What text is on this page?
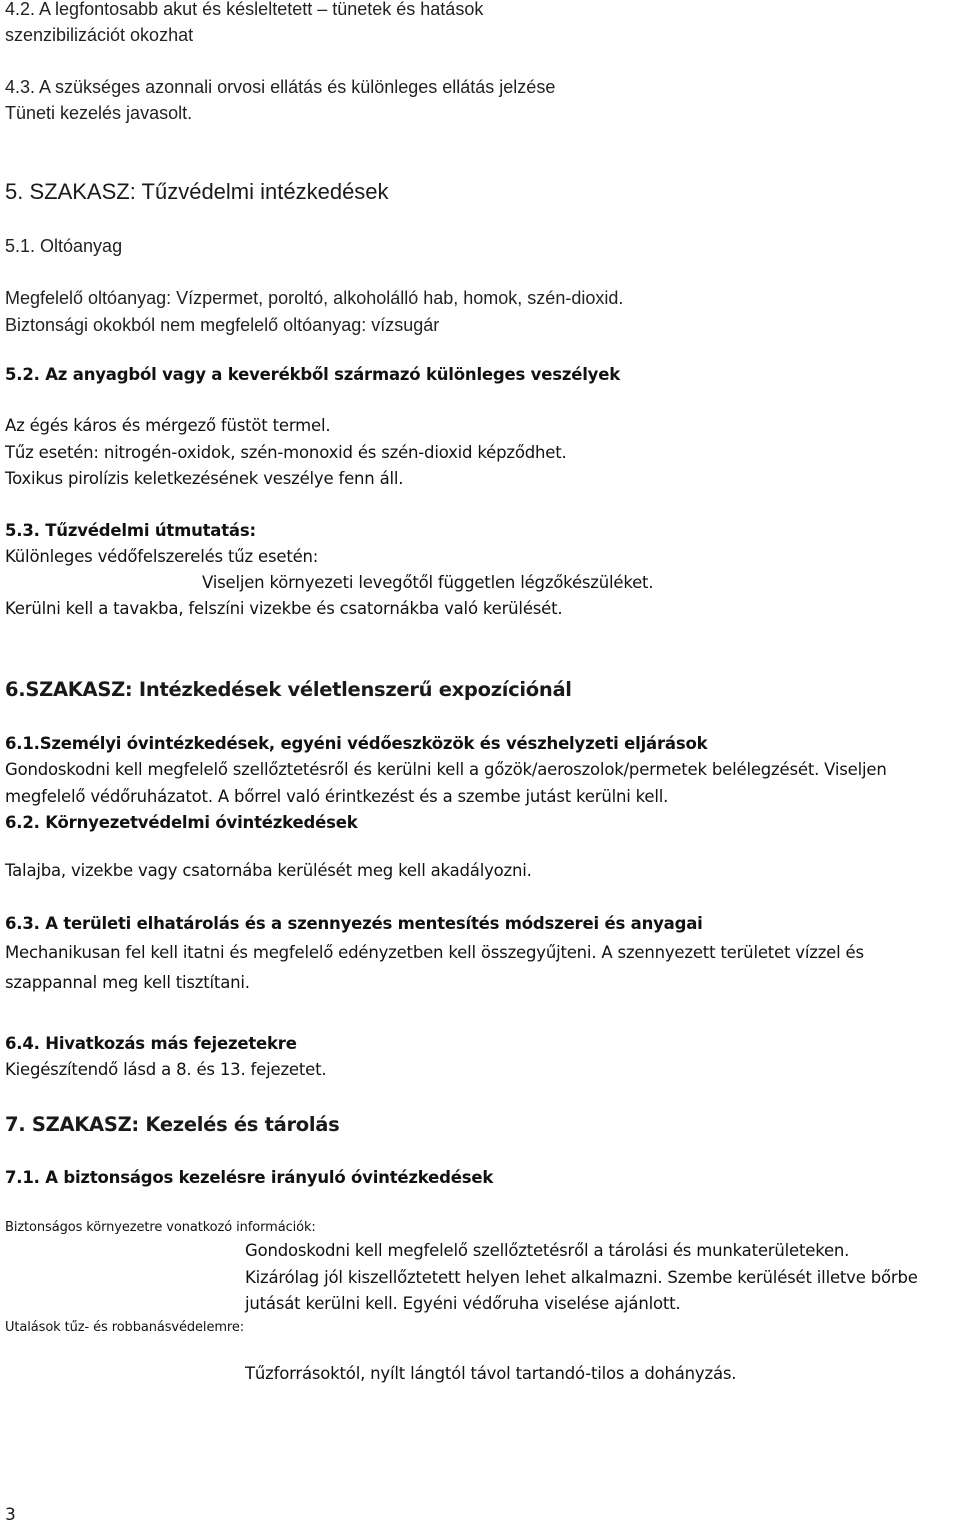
4.2. A legfontosabb akut és késleltetett – tünetek és hatások
szenzibilizációt okozhat
4.3. A szükséges azonnali orvosi ellátás és különleges ellátás jelzése
Tüneti kezelés javasolt.
5. SZAKASZ: Tűzvédelmi intézkedések
5.1. Oltóanyag
Megfelelő oltóanyag: Vízpermet, poroltó, alkoholálló hab, homok, szén-dioxid.
Biztonsági okokból nem megfelelő oltóanyag: vízsugár
5.2. Az anyagból vagy a keverékből származó különleges veszélyek
Az égés káros és mérgező füstöt termel.
Tűz esetén: nitrogén-oxidok, szén-monoxid és szén-dioxid képződhet.
Toxikus pirolízis keletkezésének veszélye fenn áll.
5.3. Tűzvédelmi útmutatás:
Különleges védőfelszerelés tűz esetén:
Viseljen környezeti levegőtől független légzőkészüléket.
Kerülni kell a tavakba, felszíni vizekbe és csatornákba való kerülését.
6.SZAKASZ: Intézkedések véletlenszerű expozíciónál
6.1.Személyi óvintézkedések, egyéni védőeszközök és vészhelyzeti eljárások
Gondoskodni kell megfelelő szellőztetésről és kerülni kell a gőzök/aeroszolok/permetek belélegzését. Viseljen
megfelelő védőruházatot. A bőrrel való érintkezést és a szembe jutást kerülni kell.
6.2. Környezetvédelmi óvintézkedések
Talajba, vizekbe vagy csatornába kerülését meg kell akadályozni.
6.3. A területi elhatárolás és a szennyezés mentesítés módszerei és anyagai
Mechanikusan fel kell itatni és megfelelő edényzetben kell összegyűjteni. A szennyezett területet vízzel és
szappannal meg kell tisztítani.
6.4. Hivatkozás más fejezetekre
Kiegészítendő lásd a 8. és 13. fejezetet.
7. SZAKASZ: Kezelés és tárolás
7.1. A biztonságos kezelésre irányuló óvintézkedések
Biztonságos környezetre vonatkozó információk:
Gondoskodni kell megfelelő szellőztetésről a tárolási és munkaterületeken.
Kizárólag jól kiszellőztetett helyen lehet alkalmazni. Szembe kerülését illetve bőrbe
jutását kerülni kell. Egyéni védőruha viselése ajánlott.
Utalások tűz- és robbanásvédelemre:
Tűzforrásoktól, nyílt lángtól távol tartandó-tilos a dohányzás.
3
